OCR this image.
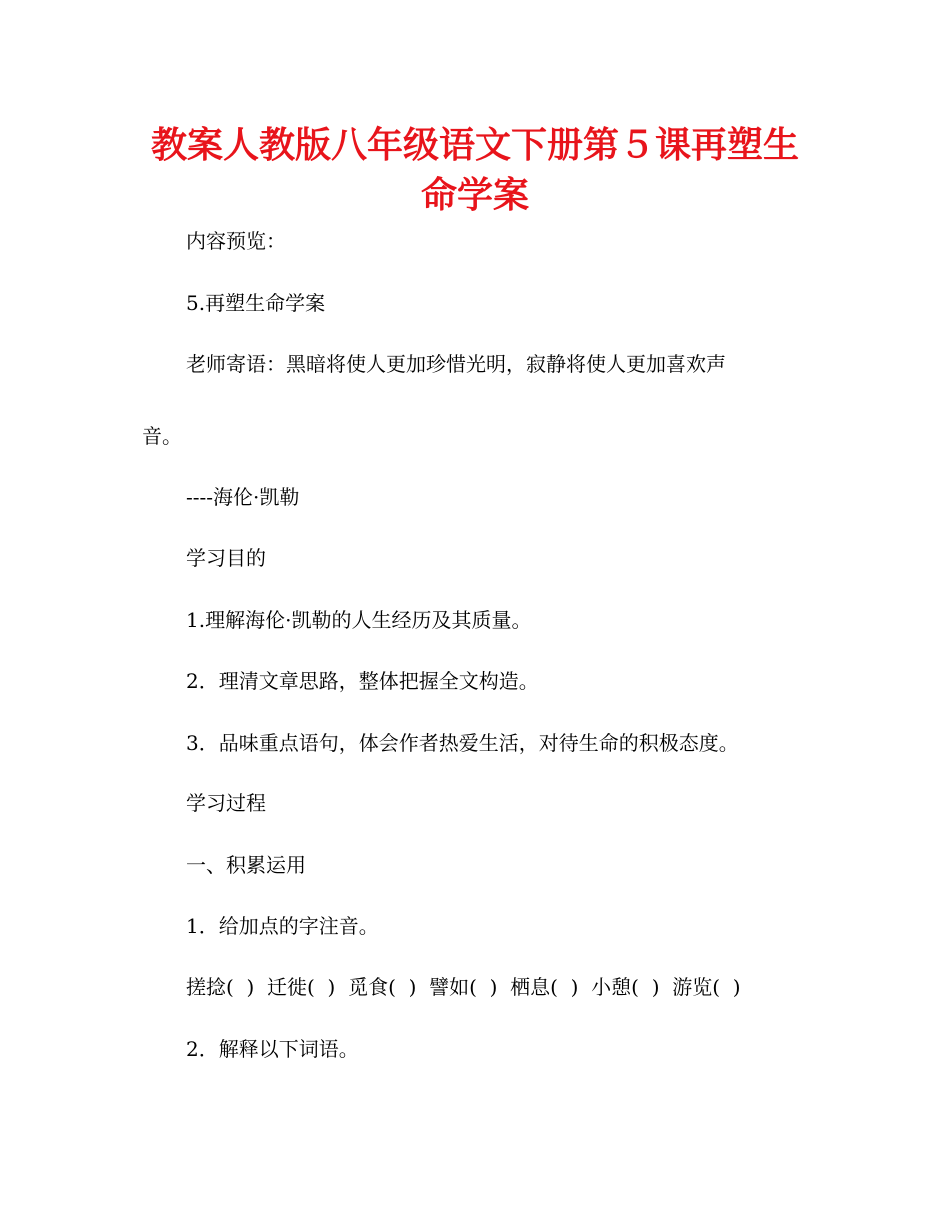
教案人教版八年级语文下册第５课再塑生
命学案

内容预览：

5.再塑生命学案

老师寄语：黑暗将使人更加珍惜光明，寂静将使人更加喜欢声

音。

----海伦·凯勒

学习目的

1.理解海伦·凯勒的人生经历及其质量。

2．理清文章思路，整体把握全文构造。

3．品味重点语句，体会作者热爱生活，对待生命的积极态度。

学习过程

一、积累运用

1．给加点的字注音。

搓捻(  )  迁徙(  )  觅食(  )  譬如(  )  栖息(  )  小憩(  )  游览(  )

2．解释以下词语。
